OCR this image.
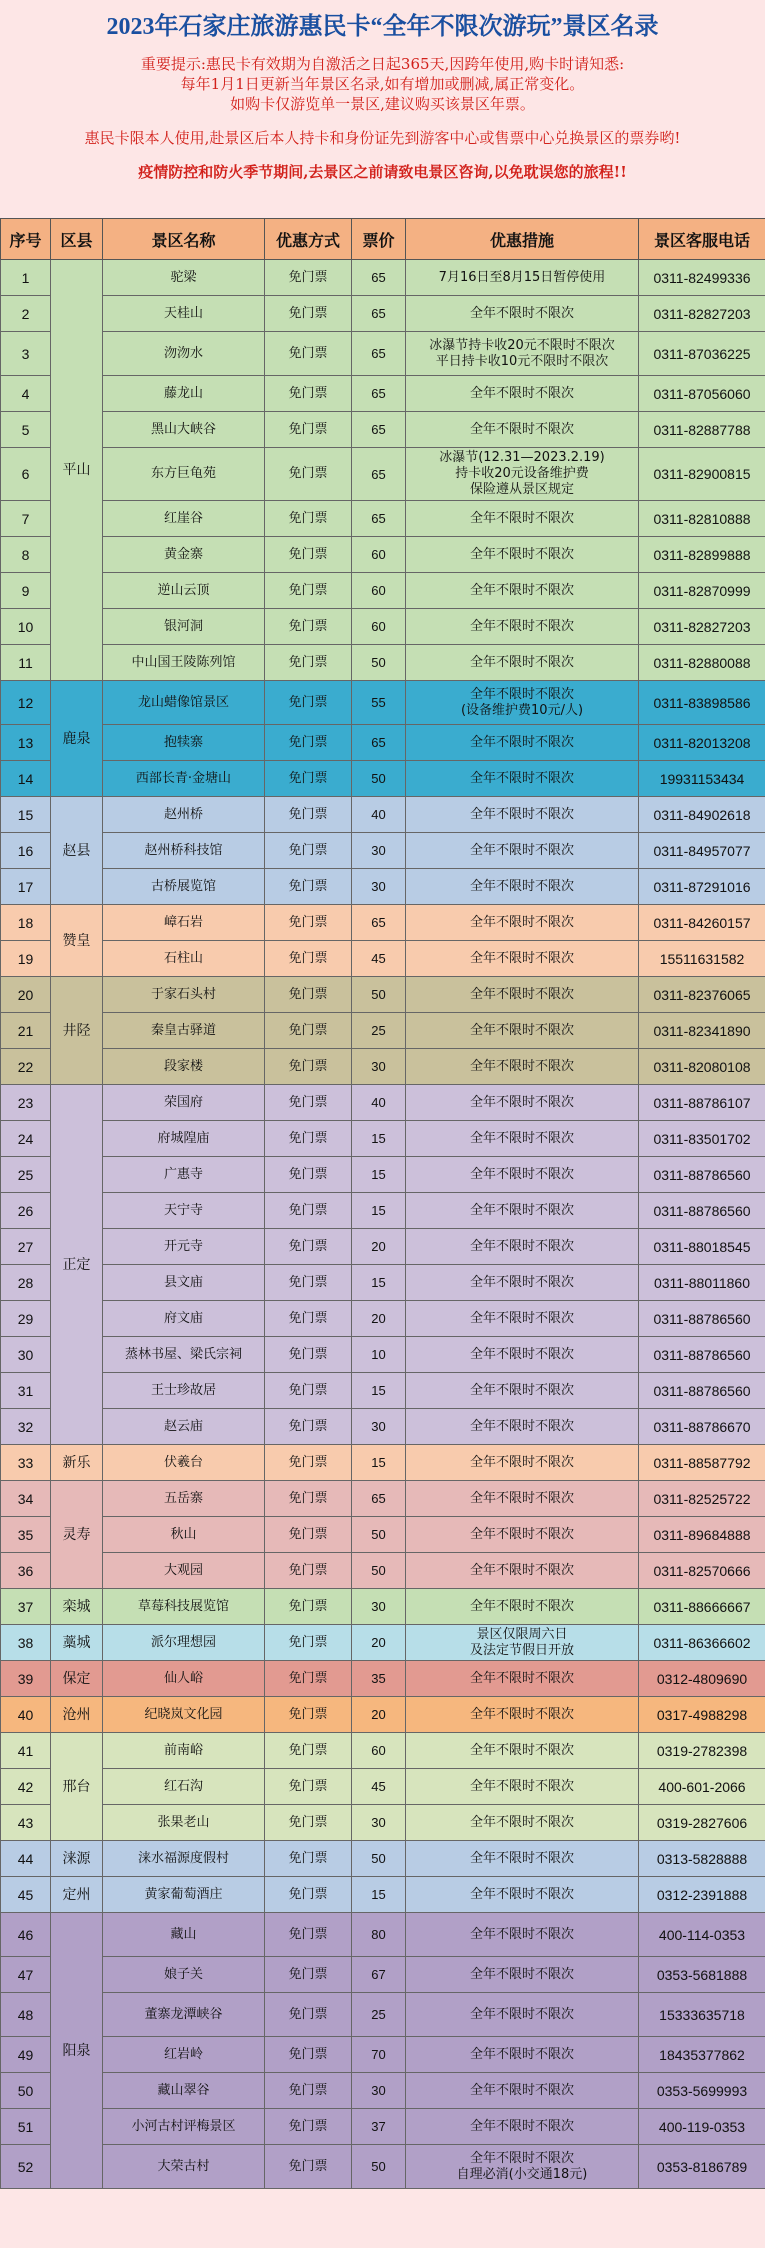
2023年石家庄旅游惠民卡“全年不限次游玩”景区名录

重要提示:惠民卡有效期为自激活之日起365天,因跨年使用,购卡时请知悉:

每年1月1日更新当年景区名录,如有增加或删减,属正常变化。

如购卡仅游览单一景区,建议购买该景区年票。

惠民卡限本人使用,赴景区后本人持卡和身份证先到游客中心或售票中心兑换景区的票券哟!

疫情防控和防火季节期间,去景区之前请致电景区咨询,以免耽误您的旅程!!

序号	区县	景区名称	优惠方式	票价	优惠措施	景区客服电话
1	平山	驼梁	免门票	65	7月16日至8月15日暂停使用	0311-82499336
2		天桂山	免门票	65	全年不限时不限次	0311-82827203
3		沕沕水	免门票	65	冰瀑节持卡收20元不限时不限次
平日持卡收10元不限时不限次	0311-87036225
4		藤龙山	免门票	65	全年不限时不限次	0311-87056060
5		黑山大峡谷	免门票	65	全年不限时不限次	0311-82887788
6		东方巨龟苑	免门票	65	冰瀑节(12.31—2023.2.19)
持卡收20元设备维护费
保险遵从景区规定	0311-82900815
7		红崖谷	免门票	65	全年不限时不限次	0311-82810888
8		黄金寨	免门票	60	全年不限时不限次	0311-82899888
9		逆山云顶	免门票	60	全年不限时不限次	0311-82870999
10		银河洞	免门票	60	全年不限时不限次	0311-82827203
11		中山国王陵陈列馆	免门票	50	全年不限时不限次	0311-82880088
12	鹿泉	龙山蜡像馆景区	免门票	55	全年不限时不限次
(设备维护费10元/人)	0311-83898586
13		抱犊寨	免门票	65	全年不限时不限次	0311-82013208
14		西部长青·金塘山	免门票	50	全年不限时不限次	19931153434
15	赵县	赵州桥	免门票	40	全年不限时不限次	0311-84902618
16		赵州桥科技馆	免门票	30	全年不限时不限次	0311-84957077
17		古桥展览馆	免门票	30	全年不限时不限次	0311-87291016
18	赞皇	嶂石岩	免门票	65	全年不限时不限次	0311-84260157
19		石柱山	免门票	45	全年不限时不限次	15511631582
20	井陉	于家石头村	免门票	50	全年不限时不限次	0311-82376065
21		秦皇古驿道	免门票	25	全年不限时不限次	0311-82341890
22		段家楼	免门票	30	全年不限时不限次	0311-82080108
23	正定	荣国府	免门票	40	全年不限时不限次	0311-88786107
24		府城隍庙	免门票	15	全年不限时不限次	0311-83501702
25		广惠寺	免门票	15	全年不限时不限次	0311-88786560
26		天宁寺	免门票	15	全年不限时不限次	0311-88786560
27		开元寺	免门票	20	全年不限时不限次	0311-88018545
28		县文庙	免门票	15	全年不限时不限次	0311-88011860
29		府文庙	免门票	20	全年不限时不限次	0311-88786560
30		蒸林书屋、梁氏宗祠	免门票	10	全年不限时不限次	0311-88786560
31		王士珍故居	免门票	15	全年不限时不限次	0311-88786560
32		赵云庙	免门票	30	全年不限时不限次	0311-88786670
33	新乐	伏羲台	免门票	15	全年不限时不限次	0311-88587792
34	灵寿	五岳寨	免门票	65	全年不限时不限次	0311-82525722
35		秋山	免门票	50	全年不限时不限次	0311-89684888
36		大观园	免门票	50	全年不限时不限次	0311-82570666
37	栾城	草莓科技展览馆	免门票	30	全年不限时不限次	0311-88666667
38	藁城	派尔理想园	免门票	20	景区仅限周六日
及法定节假日开放	0311-86366602
39	保定	仙人峪	免门票	35	全年不限时不限次	0312-4809690
40	沧州	纪晓岚文化园	免门票	20	全年不限时不限次	0317-4988298
41	邢台	前南峪	免门票	60	全年不限时不限次	0319-2782398
42		红石沟	免门票	45	全年不限时不限次	400-601-2066
43		张果老山	免门票	30	全年不限时不限次	0319-2827606
44	涞源	涞水福源度假村	免门票	50	全年不限时不限次	0313-5828888
45	定州	黄家葡萄酒庄	免门票	15	全年不限时不限次	0312-2391888
46	阳泉	藏山	免门票	80	全年不限时不限次	400-114-0353
47		娘子关	免门票	67	全年不限时不限次	0353-5681888
48		董寨龙潭峡谷	免门票	25	全年不限时不限次	15333635718
49		红岩岭	免门票	70	全年不限时不限次	18435377862
50		藏山翠谷	免门票	30	全年不限时不限次	0353-5699993
51		小河古村评梅景区	免门票	37	全年不限时不限次	400-119-0353
52		大荣古村	免门票	50	全年不限时不限次
自理必消(小交通18元)	0353-8186789
